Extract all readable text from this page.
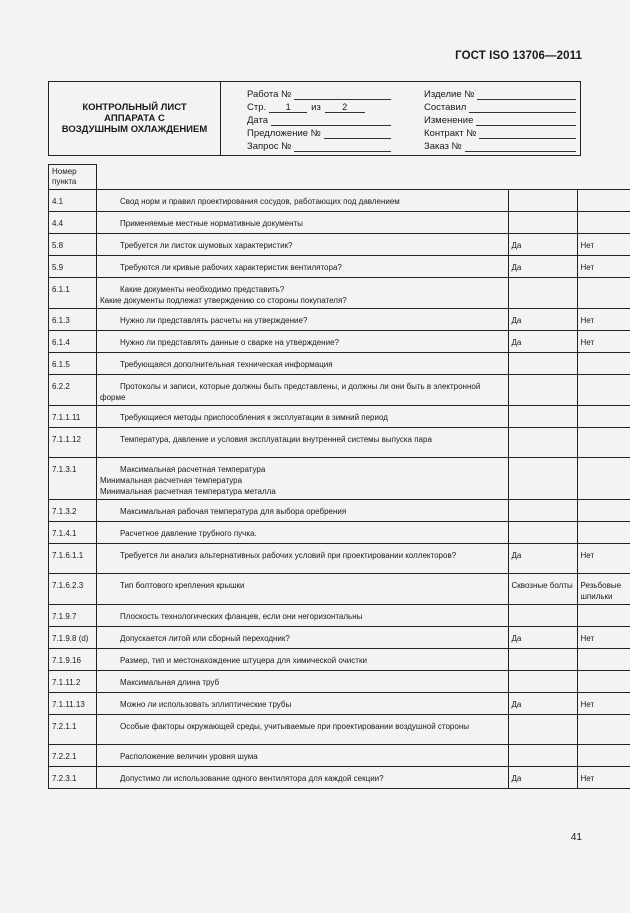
ГОСТ ISO 13706—2011
КОНТРОЛЬНЫЙ ЛИСТ
АППАРАТА С
ВОЗДУШНЫМ ОХЛАЖДЕНИЕМ
Работа №
Стр.	1	из	2
Дата
Предложение №
Запрос №
Изделие №
Составил
Изменение
Контракт №
Заказ №
Номер пункта			
4.1	Свод норм и правил проектирования сосудов, работающих под давлением		
4.4	Применяемые местные нормативные документы		
5.8	Требуется ли листок шумовых характеристик?	Да	Нет
5.9	Требуются ли кривые рабочих характеристик вентилятора?	Да	Нет
6.1.1	Какие документы необходимо представить?
Какие документы подлежат утверждению со стороны покупателя?		
6.1.3	Нужно ли представлять расчеты на утверждение?	Да	Нет
6.1.4	Нужно ли представлять данные о сварке на утверждение?	Да	Нет
6.1.5	Требующаяся дополнительная техническая информация		
6.2.2	Протоколы и записи, которые должны быть представлены, и должны ли они быть в электронной форме		
7.1.1.11	Требующиеся методы приспособления к эксплуатации в зимний период		
7.1.1.12	Температура, давление и условия эксплуатации внутренней системы выпуска пара		
7.1.3.1	Максимальная расчетная температура
Минимальная расчетная температура
Минимальная расчетная температура металла		
7.1.3.2	Максимальная рабочая температура для выбора оребрения		
7.1.4.1	Расчетное давление трубного пучка.		
7.1.6.1.1	Требуется ли анализ альтернативных рабочих условий при проектировании коллекторов?	Да	Нет
7.1.6.2.3	Тип болтового крепления крышки	Сквозные болты	Резьбовые шпильки
7.1.9.7	Плоскость технологических фланцев, если они негоризонтальны		
7.1.9.8 (d)	Допускается литой или сборный переходник?	Да	Нет
7.1.9.16	Размер, тип и местонахождение штуцера для химической очистки		
7.1.11.2	Максимальная длина труб		
7.1.11.13	Можно ли использовать эллиптические трубы	Да	Нет
7.2.1.1	Особые факторы окружающей среды, учитываемые при проектировании воздушной стороны		
7.2.2.1	Расположение величин уровня шума		
7.2.3.1	Допустимо ли использование одного вентилятора для каждой секции?	Да	Нет
41
